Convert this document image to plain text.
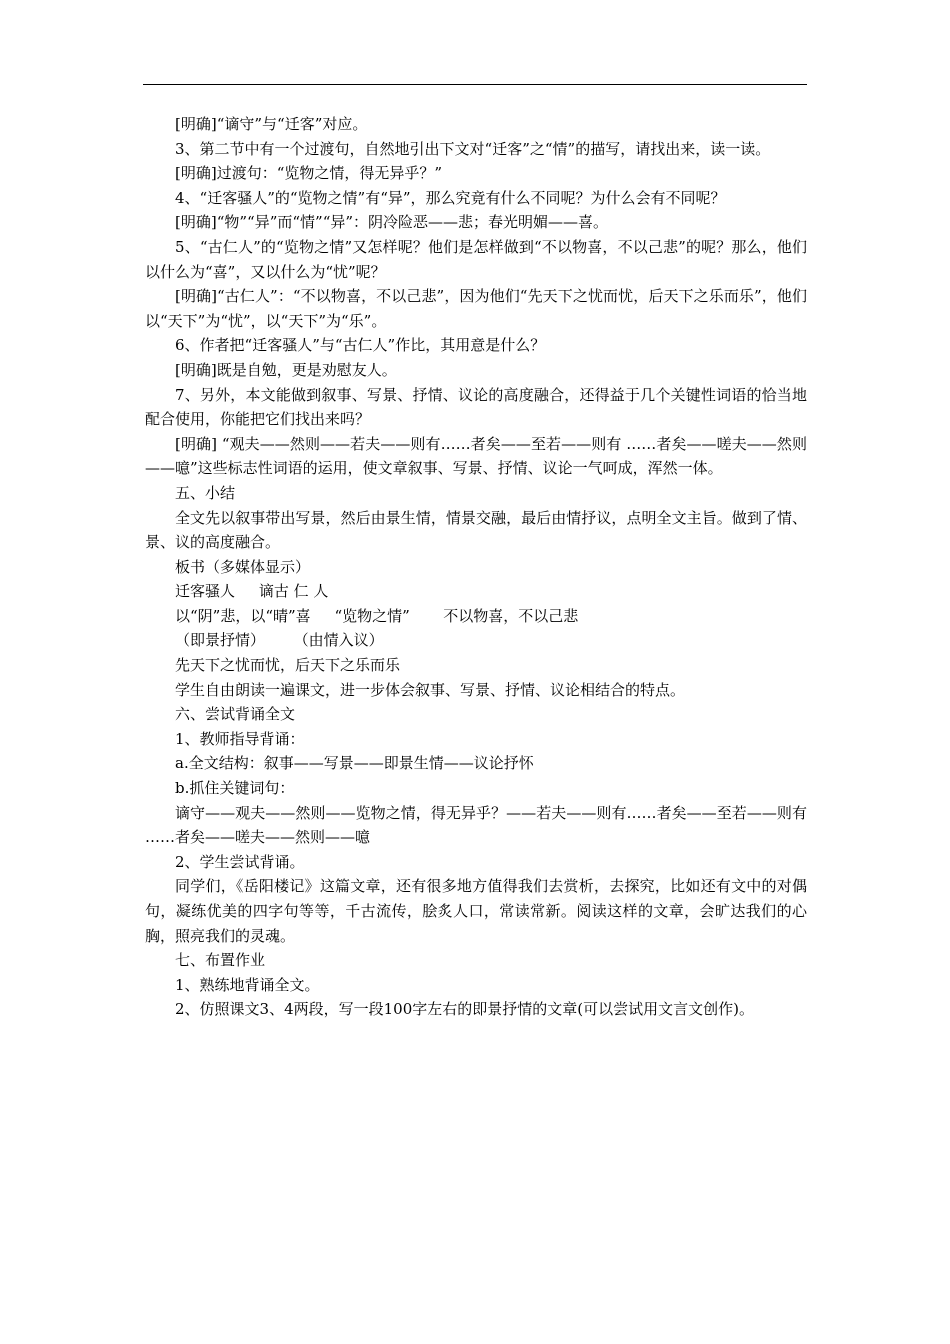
[明确]“谪守”与“迁客”对应。

3、第二节中有一个过渡句，自然地引出下文对“迁客”之“情”的描写，请找出来，读一读。

[明确]过渡句：“览物之情，得无异乎？”

4、“迁客骚人”的“览物之情”有“异”，那么究竟有什么不同呢？为什么会有不同呢？

[明确]“物”“异”而“情”“异”：阴冷险恶——悲；春光明媚——喜。

5、“古仁人”的“览物之情”又怎样呢？他们是怎样做到“不以物喜，不以己悲”的呢？那么，他们以什么为“喜”，又以什么为“忧”呢？

[明确]“古仁人”：“不以物喜，不以己悲”，因为他们“先天下之忧而忧，后天下之乐而乐”，他们以“天下”为“忧”，以“天下”为“乐”。

6、作者把“迁客骚人”与“古仁人”作比，其用意是什么？

[明确]既是自勉，更是劝慰友人。

7、另外，本文能做到叙事、写景、抒情、议论的高度融合，还得益于几个关键性词语的恰当地配合使用，你能把它们找出来吗？

[明确] “观夫——然则——若夫——则有……者矣——至若——则有 ……者矣——嗟夫——然则——噫”这些标志性词语的运用，使文章叙事、写景、抒情、议论一气呵成，浑然一体。

五、小结

全文先以叙事带出写景，然后由景生情，情景交融，最后由情抒议，点明全文主旨。做到了情、景、议的高度融合。

板书（多媒体显示）

迁客骚人     谪古 仁 人

以“阴”悲，以“晴”喜     “览物之情”       不以物喜，不以己悲

（即景抒情）      （由情入议）

先天下之忧而忧，后天下之乐而乐

学生自由朗读一遍课文，进一步体会叙事、写景、抒情、议论相结合的特点。

六、尝试背诵全文

1、教师指导背诵：

a.全文结构：叙事——写景——即景生情——议论抒怀

b.抓住关键词句：

谪守——观夫——然则——览物之情，得无异乎？——若夫——则有……者矣——至若——则有 ……者矣——嗟夫——然则——噫

2、学生尝试背诵。

同学们，《岳阳楼记》这篇文章，还有很多地方值得我们去赏析，去探究，比如还有文中的对偶句，凝练优美的四字句等等，千古流传，脍炙人口，常读常新。阅读这样的文章，会旷达我们的心胸，照亮我们的灵魂。

七、布置作业

1、熟练地背诵全文。

2、仿照课文3、4两段，写一段100字左右的即景抒情的文章(可以尝试用文言文创作)。
